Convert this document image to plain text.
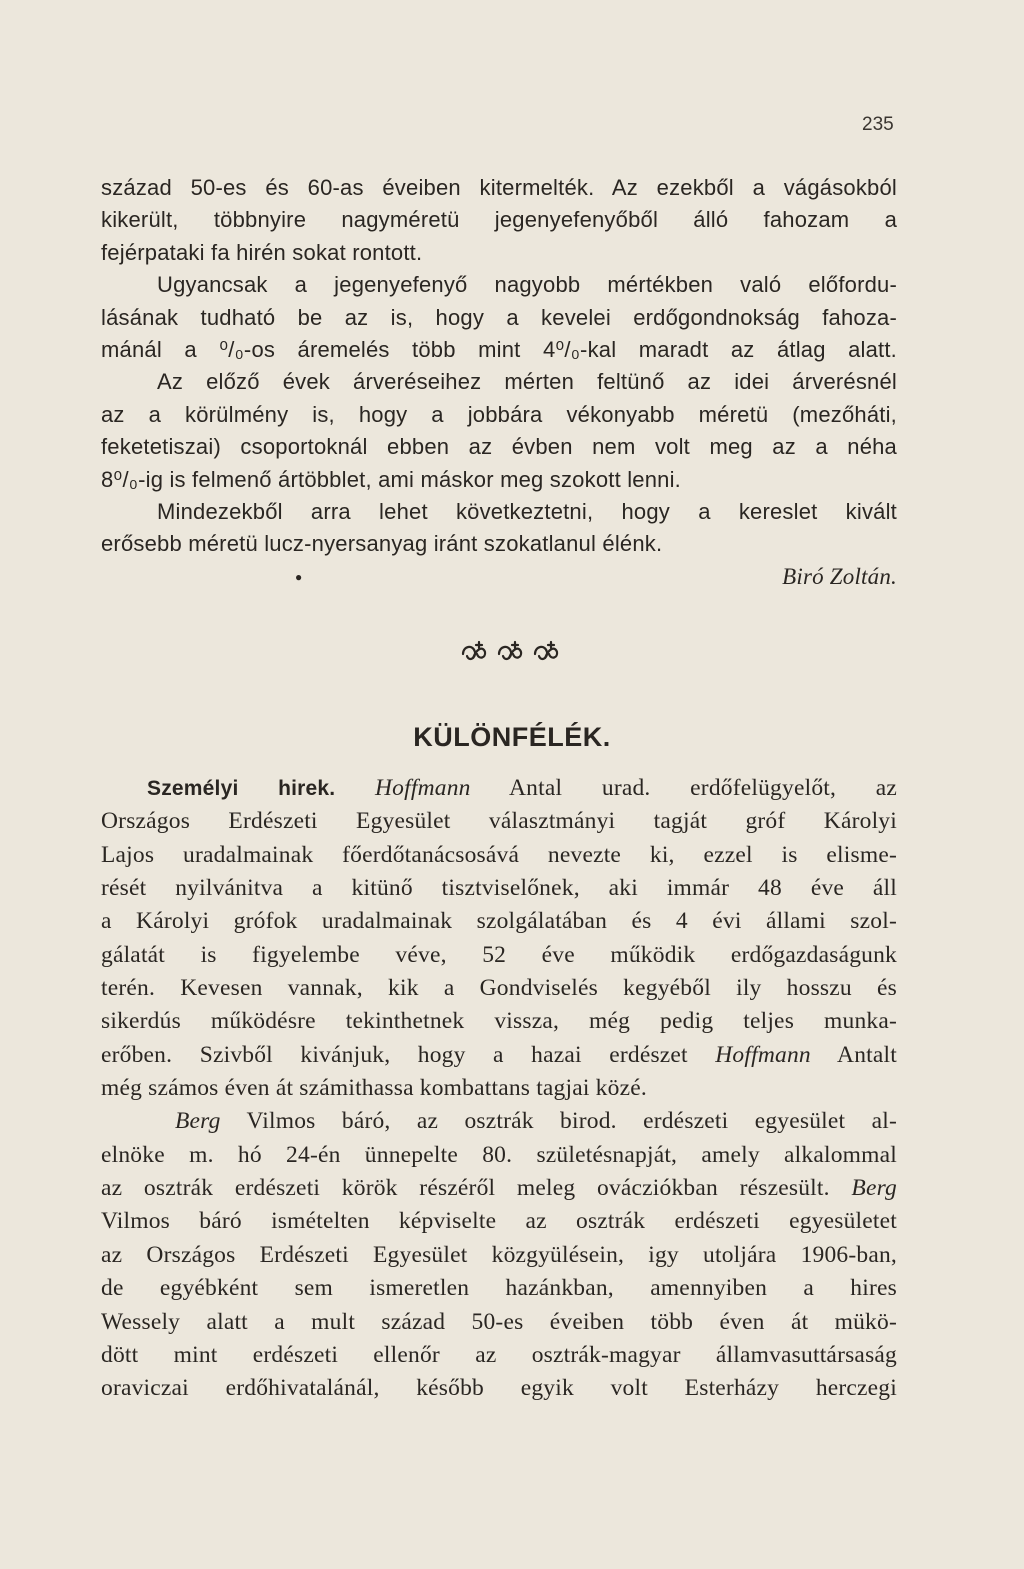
235
század 50-es és 60-as éveiben kitermelték. Az ezekből a vágásokból
kikerült, többnyire nagyméretü jegenyefenyőből álló fahozam a
fejérpataki fa hirén sokat rontott.
Ugyancsak a jegenyefenyő nagyobb mértékben való előfordu-
lásának tudható be az is, hogy a kevelei erdőgondnokság fahoza-
mánál a ⁰/₀-os áremelés több mint 4⁰/₀-kal maradt az átlag alatt.
Az előző évek árveréseihez mérten feltünő az idei árverésnél
az a körülmény is, hogy a jobbára vékonyabb méretü (mezőháti,
feketetiszai) csoportoknál ebben az évben nem volt meg az a néha
8⁰/₀-ig is felmenő ártöbblet, ami máskor meg szokott lenni.
Mindezekből arra lehet következtetni, hogy a kereslet kivált
erősebb méretü lucz-nyersanyag iránt szokatlanul élénk.
●	Biró Zoltán.
KÜLÖNFÉLÉK.
Személyi hirek. Hoffmann Antal urad. erdőfelügyelőt, az
Országos Erdészeti Egyesület választmányi tagját gróf Károlyi
Lajos uradalmainak főerdőtanácsosává nevezte ki, ezzel is elisme-
rését nyilvánitva a kitünő tisztviselőnek, aki immár 48 éve áll
a Károlyi grófok uradalmainak szolgálatában és 4 évi állami szol-
gálatát is figyelembe véve, 52 éve működik erdőgazdaságunk
terén. Kevesen vannak, kik a Gondviselés kegyéből ily hosszu és
sikerdús működésre tekinthetnek vissza, még pedig teljes munka-
erőben. Szivből kivánjuk, hogy a hazai erdészet Hoffmann Antalt
még számos éven át számithassa kombattans tagjai közé.
Berg Vilmos báró, az osztrák birod. erdészeti egyesület al-
elnöke m. hó 24-én ünnepelte 80. születésnapját, amely alkalommal
az osztrák erdészeti körök részéről meleg ovácziókban részesült. Berg
Vilmos báró ismételten képviselte az osztrák erdészeti egyesületet
az Országos Erdészeti Egyesület közgyülésein, igy utoljára 1906-ban,
de egyébként sem ismeretlen hazánkban, amennyiben a hires
Wessely alatt a mult század 50-es éveiben több éven át mükö-
dött mint erdészeti ellenőr az osztrák-magyar államvasuttársaság
oraviczai erdőhivatalánál, később egyik volt Esterházy herczegi
